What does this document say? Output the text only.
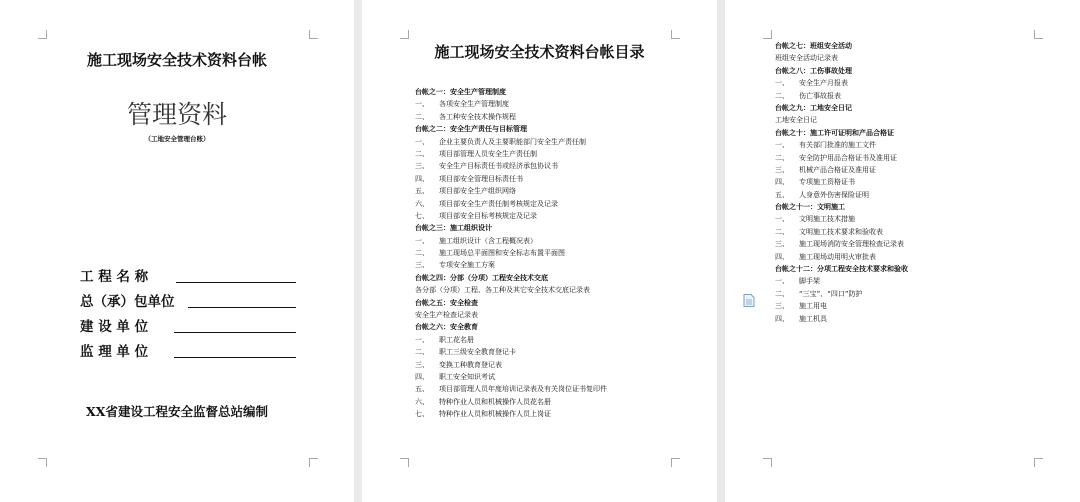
施工现场安全技术资料台帐
管理资料
（工地安全管理台账）
工 程 名 称
总（承）包单位
建 设 单 位
监 理 单 位
XX省建设工程安全监督总站编制
施工现场安全技术资料台帐目录
台帐之一：安全生产管理制度
一、 各项安全生产管理制度
二、 各工种安全技术操作规程
台帐之二：安全生产责任与目标管理
一、 企业主要负责人及主要职能部门安全生产责任制
二、 项目部管理人员安全生产责任制
三、 安全生产目标责任书或经济承包协议书
四、 项目部安全管理目标责任书
五、 项目部安全生产组织网络
六、 项目部安全生产责任制考核规定及记录
七、 项目部安全目标考核规定及记录
台帐之三：施工组织设计
一、 施工组织设计（含工程概况表）
二、 施工现场总平面图和安全标志布置平面图
三、 专项安全施工方案
台帐之四：分部（分项）工程安全技术交底
各分部（分项）工程、各工种及其它安全技术交底记录表
台帐之五：安全检查
安全生产检查记录表
台帐之六：安全教育
一、 职工花名册
二、 职工三级安全教育登记卡
三、 变换工种教育登记表
四、 职工安全知识考试
五、 项目部管理人员年度培训记录表及有关岗位证书复印件
六、 特种作业人员和机械操作人员花名册
七、 特种作业人员和机械操作人员上岗证
台帐之七：班组安全活动
班组安全活动记录表
台帐之八：工伤事故处理
一、 安全生产月报表
二、 伤亡事故报表
台帐之九：工地安全日记
工地安全日记
台帐之十：施工许可证明和产品合格证
一、 有关部门批准的施工文件
二、 安全防护用品合格证书及准用证
三、 机械产品合格证及准用证
四、 专项施工资格证书
五、 人身意外伤害保险证明
台帐之十一：文明施工
一、 文明施工技术措施
二、 文明施工技术要求和验收表
三、 施工现场消防安全管理检查记录表
四、 施工现场动用明火审批表
台帐之十二：分项工程安全技术要求和验收
一、 脚手架
二、 “三宝”、“四口”防护
三、 施工用电
四、 施工机具
